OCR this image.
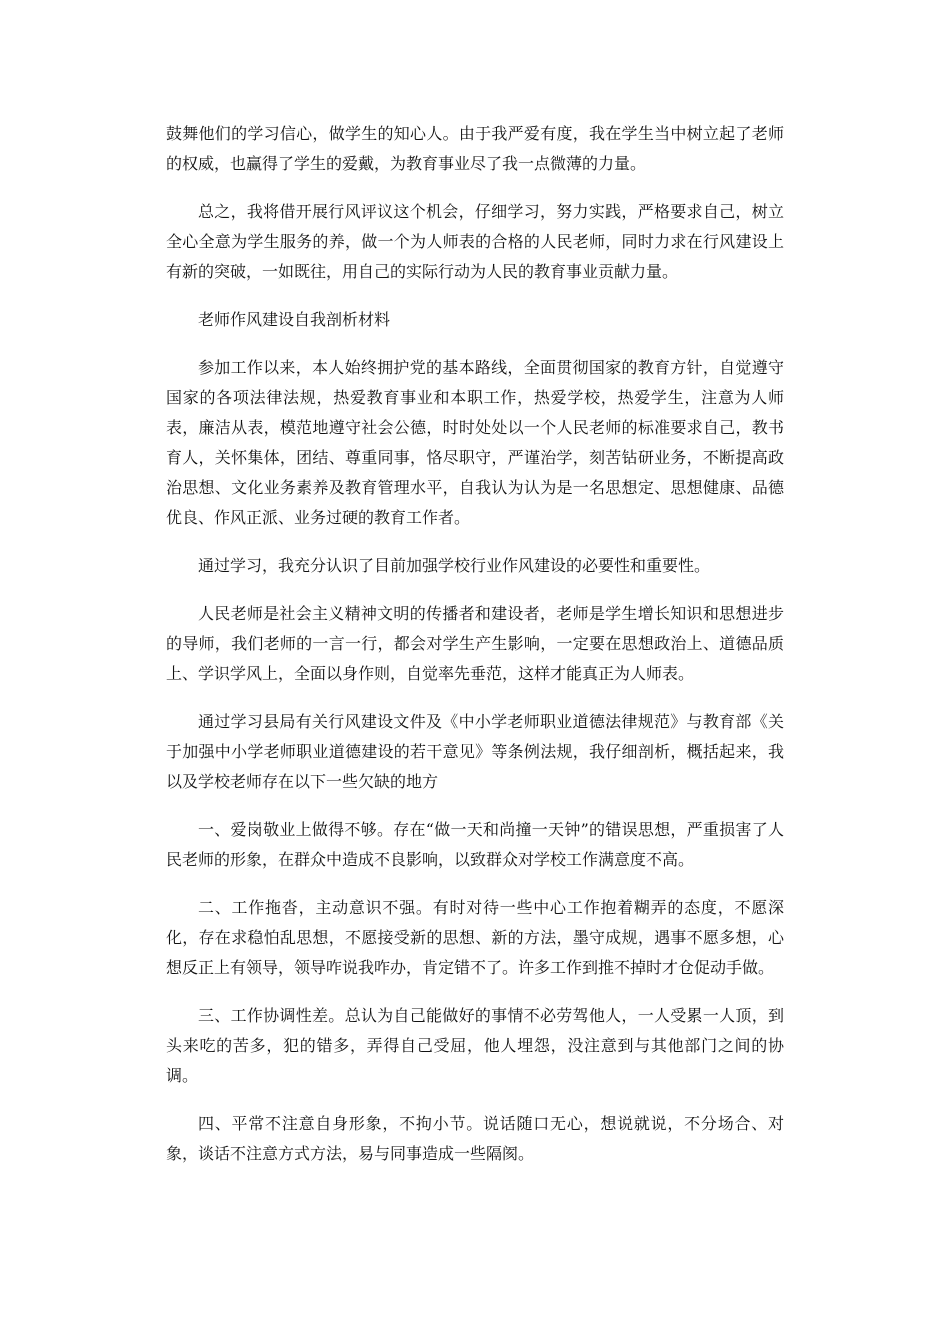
鼓舞他们的学习信心，做学生的知心人。由于我严爱有度，我在学生当中树立起了老师的权威，也赢得了学生的爱戴，为教育事业尽了我一点微薄的力量。

总之，我将借开展行风评议这个机会，仔细学习，努力实践，严格要求自己，树立全心全意为学生服务的养，做一个为人师表的合格的人民老师，同时力求在行风建设上有新的突破，一如既往，用自己的实际行动为人民的教育事业贡献力量。

老师作风建设自我剖析材料

参加工作以来，本人始终拥护党的基本路线，全面贯彻国家的教育方针，自觉遵守国家的各项法律法规，热爱教育事业和本职工作，热爱学校，热爱学生，注意为人师表，廉洁从表，模范地遵守社会公德，时时处处以一个人民老师的标准要求自己，教书育人，关怀集体，团结、尊重同事，恪尽职守，严谨治学，刻苦钻研业务，不断提高政治思想、文化业务素养及教育管理水平，自我认为认为是一名思想定、思想健康、品德优良、作风正派、业务过硬的教育工作者。

通过学习，我充分认识了目前加强学校行业作风建设的必要性和重要性。

人民老师是社会主义精神文明的传播者和建设者，老师是学生增长知识和思想进步的导师，我们老师的一言一行，都会对学生产生影响，一定要在思想政治上、道德品质上、学识学风上，全面以身作则，自觉率先垂范，这样才能真正为人师表。

通过学习县局有关行风建设文件及《中小学老师职业道德法律规范》与教育部《关于加强中小学老师职业道德建设的若干意见》等条例法规，我仔细剖析，概括起来，我以及学校老师存在以下一些欠缺的地方

一、爱岗敬业上做得不够。存在“做一天和尚撞一天钟”的错误思想，严重损害了人民老师的形象，在群众中造成不良影响，以致群众对学校工作满意度不高。

二、工作拖沓，主动意识不强。有时对待一些中心工作抱着糊弄的态度，不愿深化，存在求稳怕乱思想，不愿接受新的思想、新的方法，墨守成规，遇事不愿多想，心想反正上有领导，领导咋说我咋办，肯定错不了。许多工作到推不掉时才仓促动手做。

三、工作协调性差。总认为自己能做好的事情不必劳驾他人，一人受累一人顶，到头来吃的苦多，犯的错多，弄得自己受屈，他人埋怨，没注意到与其他部门之间的协调。

四、平常不注意自身形象，不拘小节。说话随口无心，想说就说，不分场合、对象，谈话不注意方式方法，易与同事造成一些隔阂。
